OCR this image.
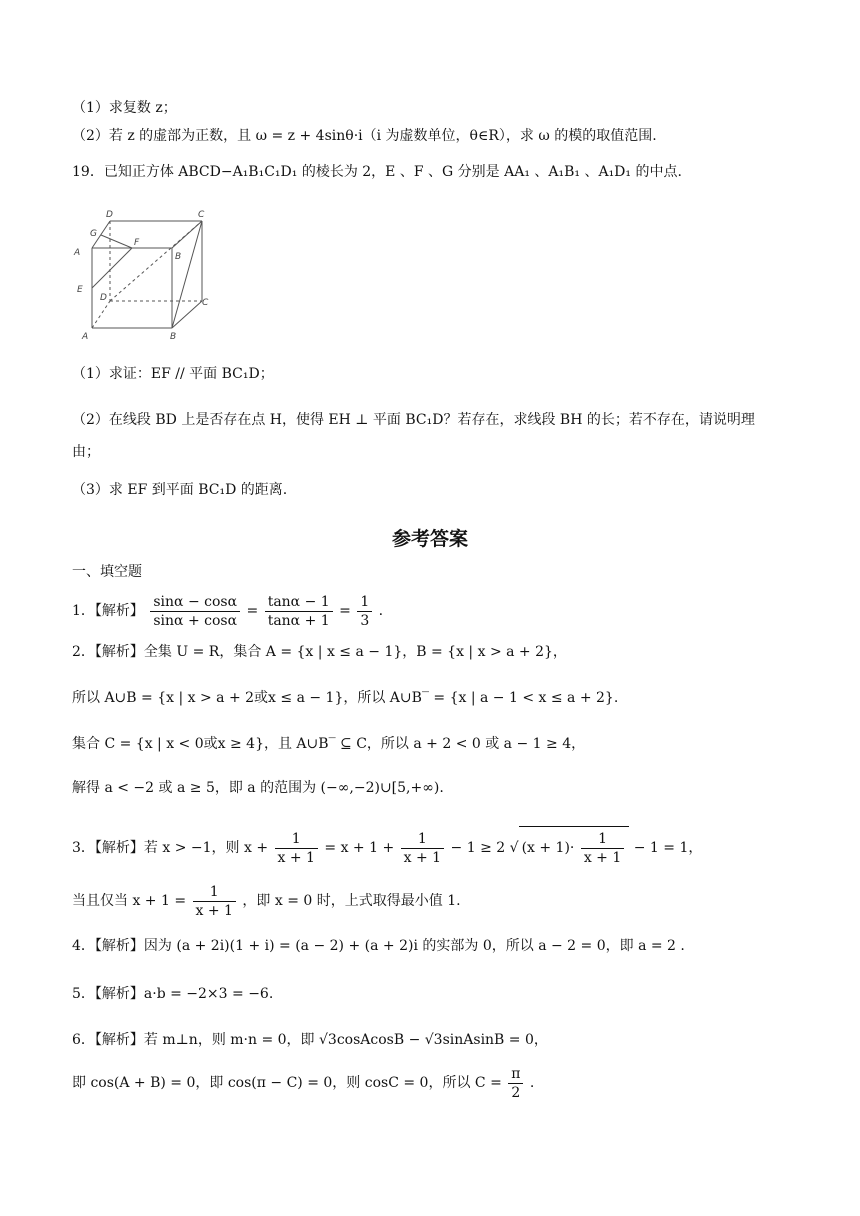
（1）求复数 z；
（2）若 z 的虚部为正数，且 ω = z + 4sinθ·i（i 为虚数单位，θ∈R），求 ω 的模的取值范围.
19．已知正方体 ABCD−A₁B₁C₁D₁ 的棱长为 2，E 、F 、G 分别是 AA₁ 、A₁B₁ 、A₁D₁ 的中点.
D	C
G
F
A	B
E
D	C
A	B
（1）求证：EF // 平面 BC₁D；
（2）在线段 BD 上是否存在点 H，使得 EH ⊥ 平面 BC₁D？若存在，求线段 BH 的长；若不存在，请说明理
由；
（3）求 EF 到平面 BC₁D 的距离.
参考答案
一、填空题
1．【解析】 $\frac{\sin\alpha - \cos\alpha}{\sin\alpha + \cos\alpha} = \frac{\tan\alpha - 1}{\tan\alpha + 1} = \frac{1}{3}$ .
2．【解析】全集 U = R，集合 A = {x | x ≤ a − 1}，B = {x | x > a + 2}，
所以 A∪B = {x | x > a + 2或x ≤ a − 1}，所以 A∪B‾ = {x | a − 1 < x ≤ a + 2}.
集合 C = {x | x < 0或x ≥ 4}，且 A∪B‾ ⊆ C，所以 a + 2 < 0 或 a − 1 ≥ 4，
解得 a < −2 或 a ≥ 5，即 a 的范围为 (−∞,−2)∪[5,+∞).
3．【解析】若 x > −1，则 $x + \frac{1}{x + 1} = x + 1 + \frac{1}{x + 1} - 1 \ge 2$ √ $(x + 1)\cdot \frac{1}{x + 1} - 1 = 1$，
当且仅当 $x + 1 = \frac{1}{x + 1}$ ，即 x = 0 时，上式取得最小值 1.
4．【解析】因为 (a + 2i)(1 + i) = (a − 2) + (a + 2)i 的实部为 0，所以 a − 2 = 0，即 a = 2 .
5．【解析】a·b = −2×3 = −6.
6．【解析】若 m⊥n，则 m·n = 0，即 √3cosAcosB − √3sinAsinB = 0，
即 cos(A + B) = 0，即 cos(π − C) = 0，则 cosC = 0，所以 $C = \frac{\pi}{2}$ .
